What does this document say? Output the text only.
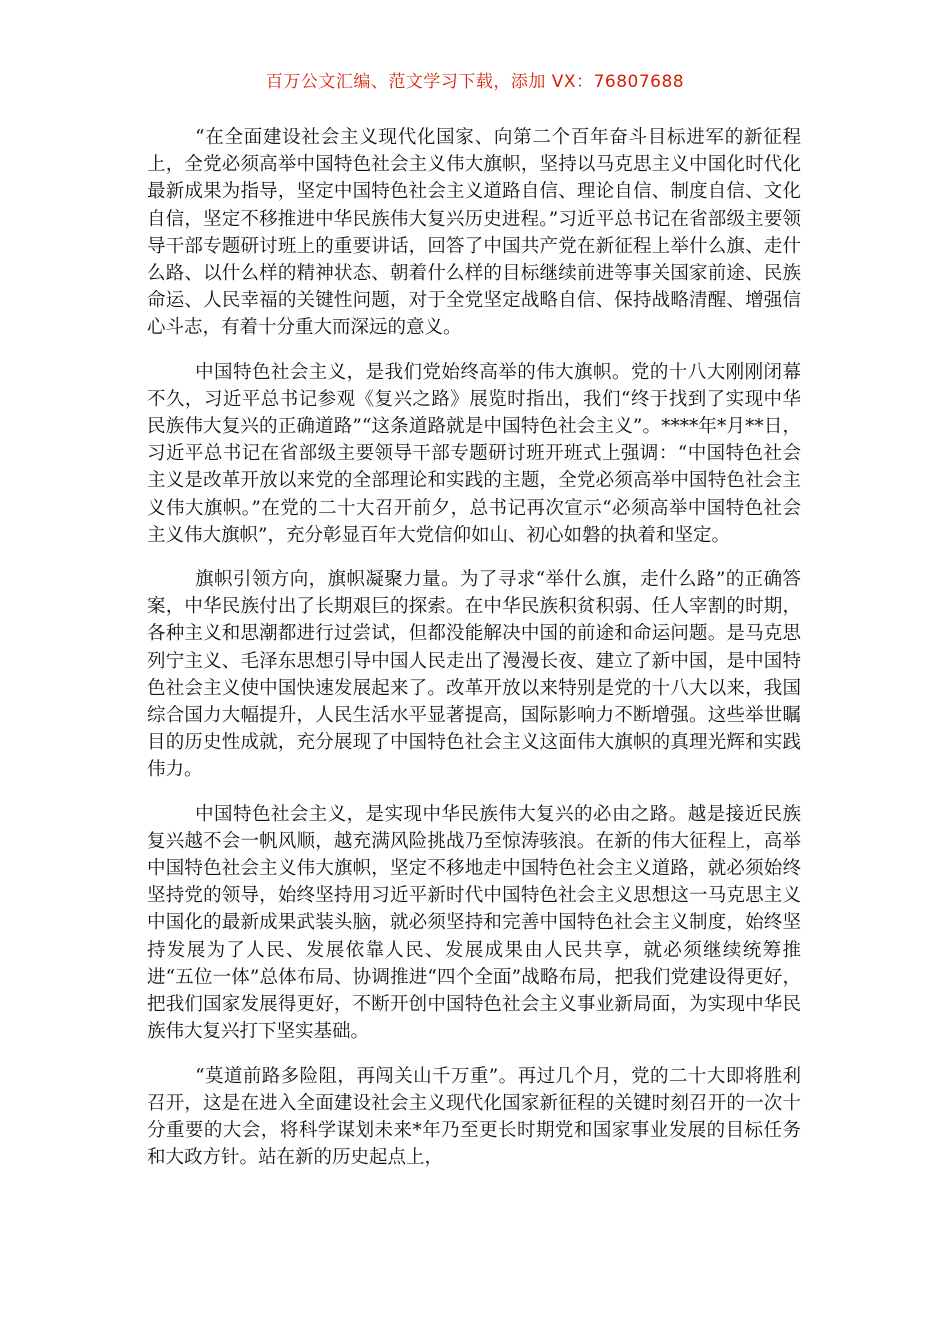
百万公文汇编、范文学习下载，添加 VX：76807688

“在全面建设社会主义现代化国家、向第二个百年奋斗目标进军的新征程上，全党必须高举中国特色社会主义伟大旗帜，坚持以马克思主义中国化时代化最新成果为指导，坚定中国特色社会主义道路自信、理论自信、制度自信、文化自信，坚定不移推进中华民族伟大复兴历史进程。”习近平总书记在省部级主要领导干部专题研讨班上的重要讲话，回答了中国共产党在新征程上举什么旗、走什么路、以什么样的精神状态、朝着什么样的目标继续前进等事关国家前途、民族命运、人民幸福的关键性问题，对于全党坚定战略自信、保持战略清醒、增强信心斗志，有着十分重大而深远的意义。

中国特色社会主义，是我们党始终高举的伟大旗帜。党的十八大刚刚闭幕不久，习近平总书记参观《复兴之路》展览时指出，我们“终于找到了实现中华民族伟大复兴的正确道路”“这条道路就是中国特色社会主义”。****年*月**日，习近平总书记在省部级主要领导干部专题研讨班开班式上强调：“中国特色社会主义是改革开放以来党的全部理论和实践的主题，全党必须高举中国特色社会主义伟大旗帜。”在党的二十大召开前夕，总书记再次宣示“必须高举中国特色社会主义伟大旗帜”，充分彰显百年大党信仰如山、初心如磐的执着和坚定。

旗帜引领方向，旗帜凝聚力量。为了寻求“举什么旗，走什么路”的正确答案，中华民族付出了长期艰巨的探索。在中华民族积贫积弱、任人宰割的时期，各种主义和思潮都进行过尝试，但都没能解决中国的前途和命运问题。是马克思列宁主义、毛泽东思想引导中国人民走出了漫漫长夜、建立了新中国，是中国特色社会主义使中国快速发展起来了。改革开放以来特别是党的十八大以来，我国综合国力大幅提升，人民生活水平显著提高，国际影响力不断增强。这些举世瞩目的历史性成就，充分展现了中国特色社会主义这面伟大旗帜的真理光辉和实践伟力。

中国特色社会主义，是实现中华民族伟大复兴的必由之路。越是接近民族复兴越不会一帆风顺，越充满风险挑战乃至惊涛骇浪。在新的伟大征程上，高举中国特色社会主义伟大旗帜，坚定不移地走中国特色社会主义道路，就必须始终坚持党的领导，始终坚持用习近平新时代中国特色社会主义思想这一马克思主义中国化的最新成果武装头脑，就必须坚持和完善中国特色社会主义制度，始终坚持发展为了人民、发展依靠人民、发展成果由人民共享，就必须继续统筹推进“五位一体”总体布局、协调推进“四个全面”战略布局，把我们党建设得更好，把我们国家发展得更好，不断开创中国特色社会主义事业新局面，为实现中华民族伟大复兴打下坚实基础。

“莫道前路多险阻，再闯关山千万重”。再过几个月，党的二十大即将胜利召开，这是在进入全面建设社会主义现代化国家新征程的关键时刻召开的一次十分重要的大会，将科学谋划未来*年乃至更长时期党和国家事业发展的目标任务和大政方针。站在新的历史起点上，
